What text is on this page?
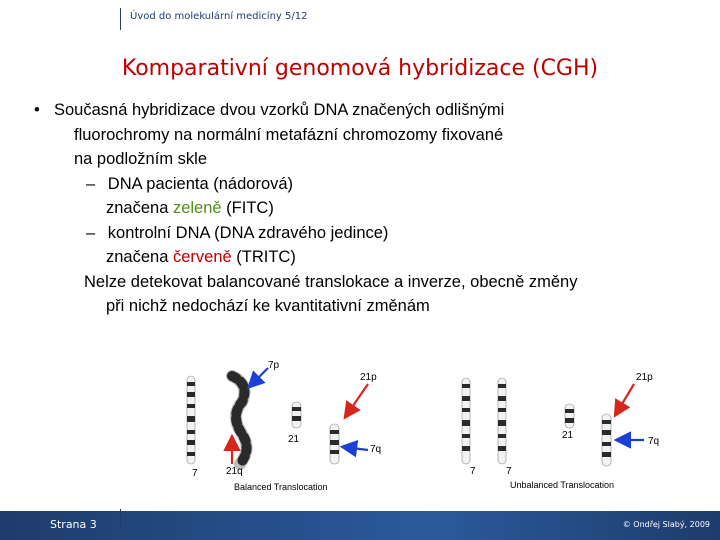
Úvod do molekulární medicíny 5/12
Komparativní genomová hybridizace (CGH)
• Současná hybridizace dvou vzorků DNA značených odlišnými
fluorochromy na normální metafázní chromozomy fixované
na podložním skle
– DNA pacienta (nádorová)
značena zeleně (FITC)
– kontrolní DNA (DNA zdravého jedince)
značena červeně (TRITC)
Nelze detekovat balancované translokace a inverze, obecně změny
při nichž nedochází ke kvantitativní změnám
7p
21p
21
7q
7	21q
Balanced Translocation
21p
21
7q
7	7
Unbalanced Translocation
Strana 3	© Ondřej Slabý, 2009
